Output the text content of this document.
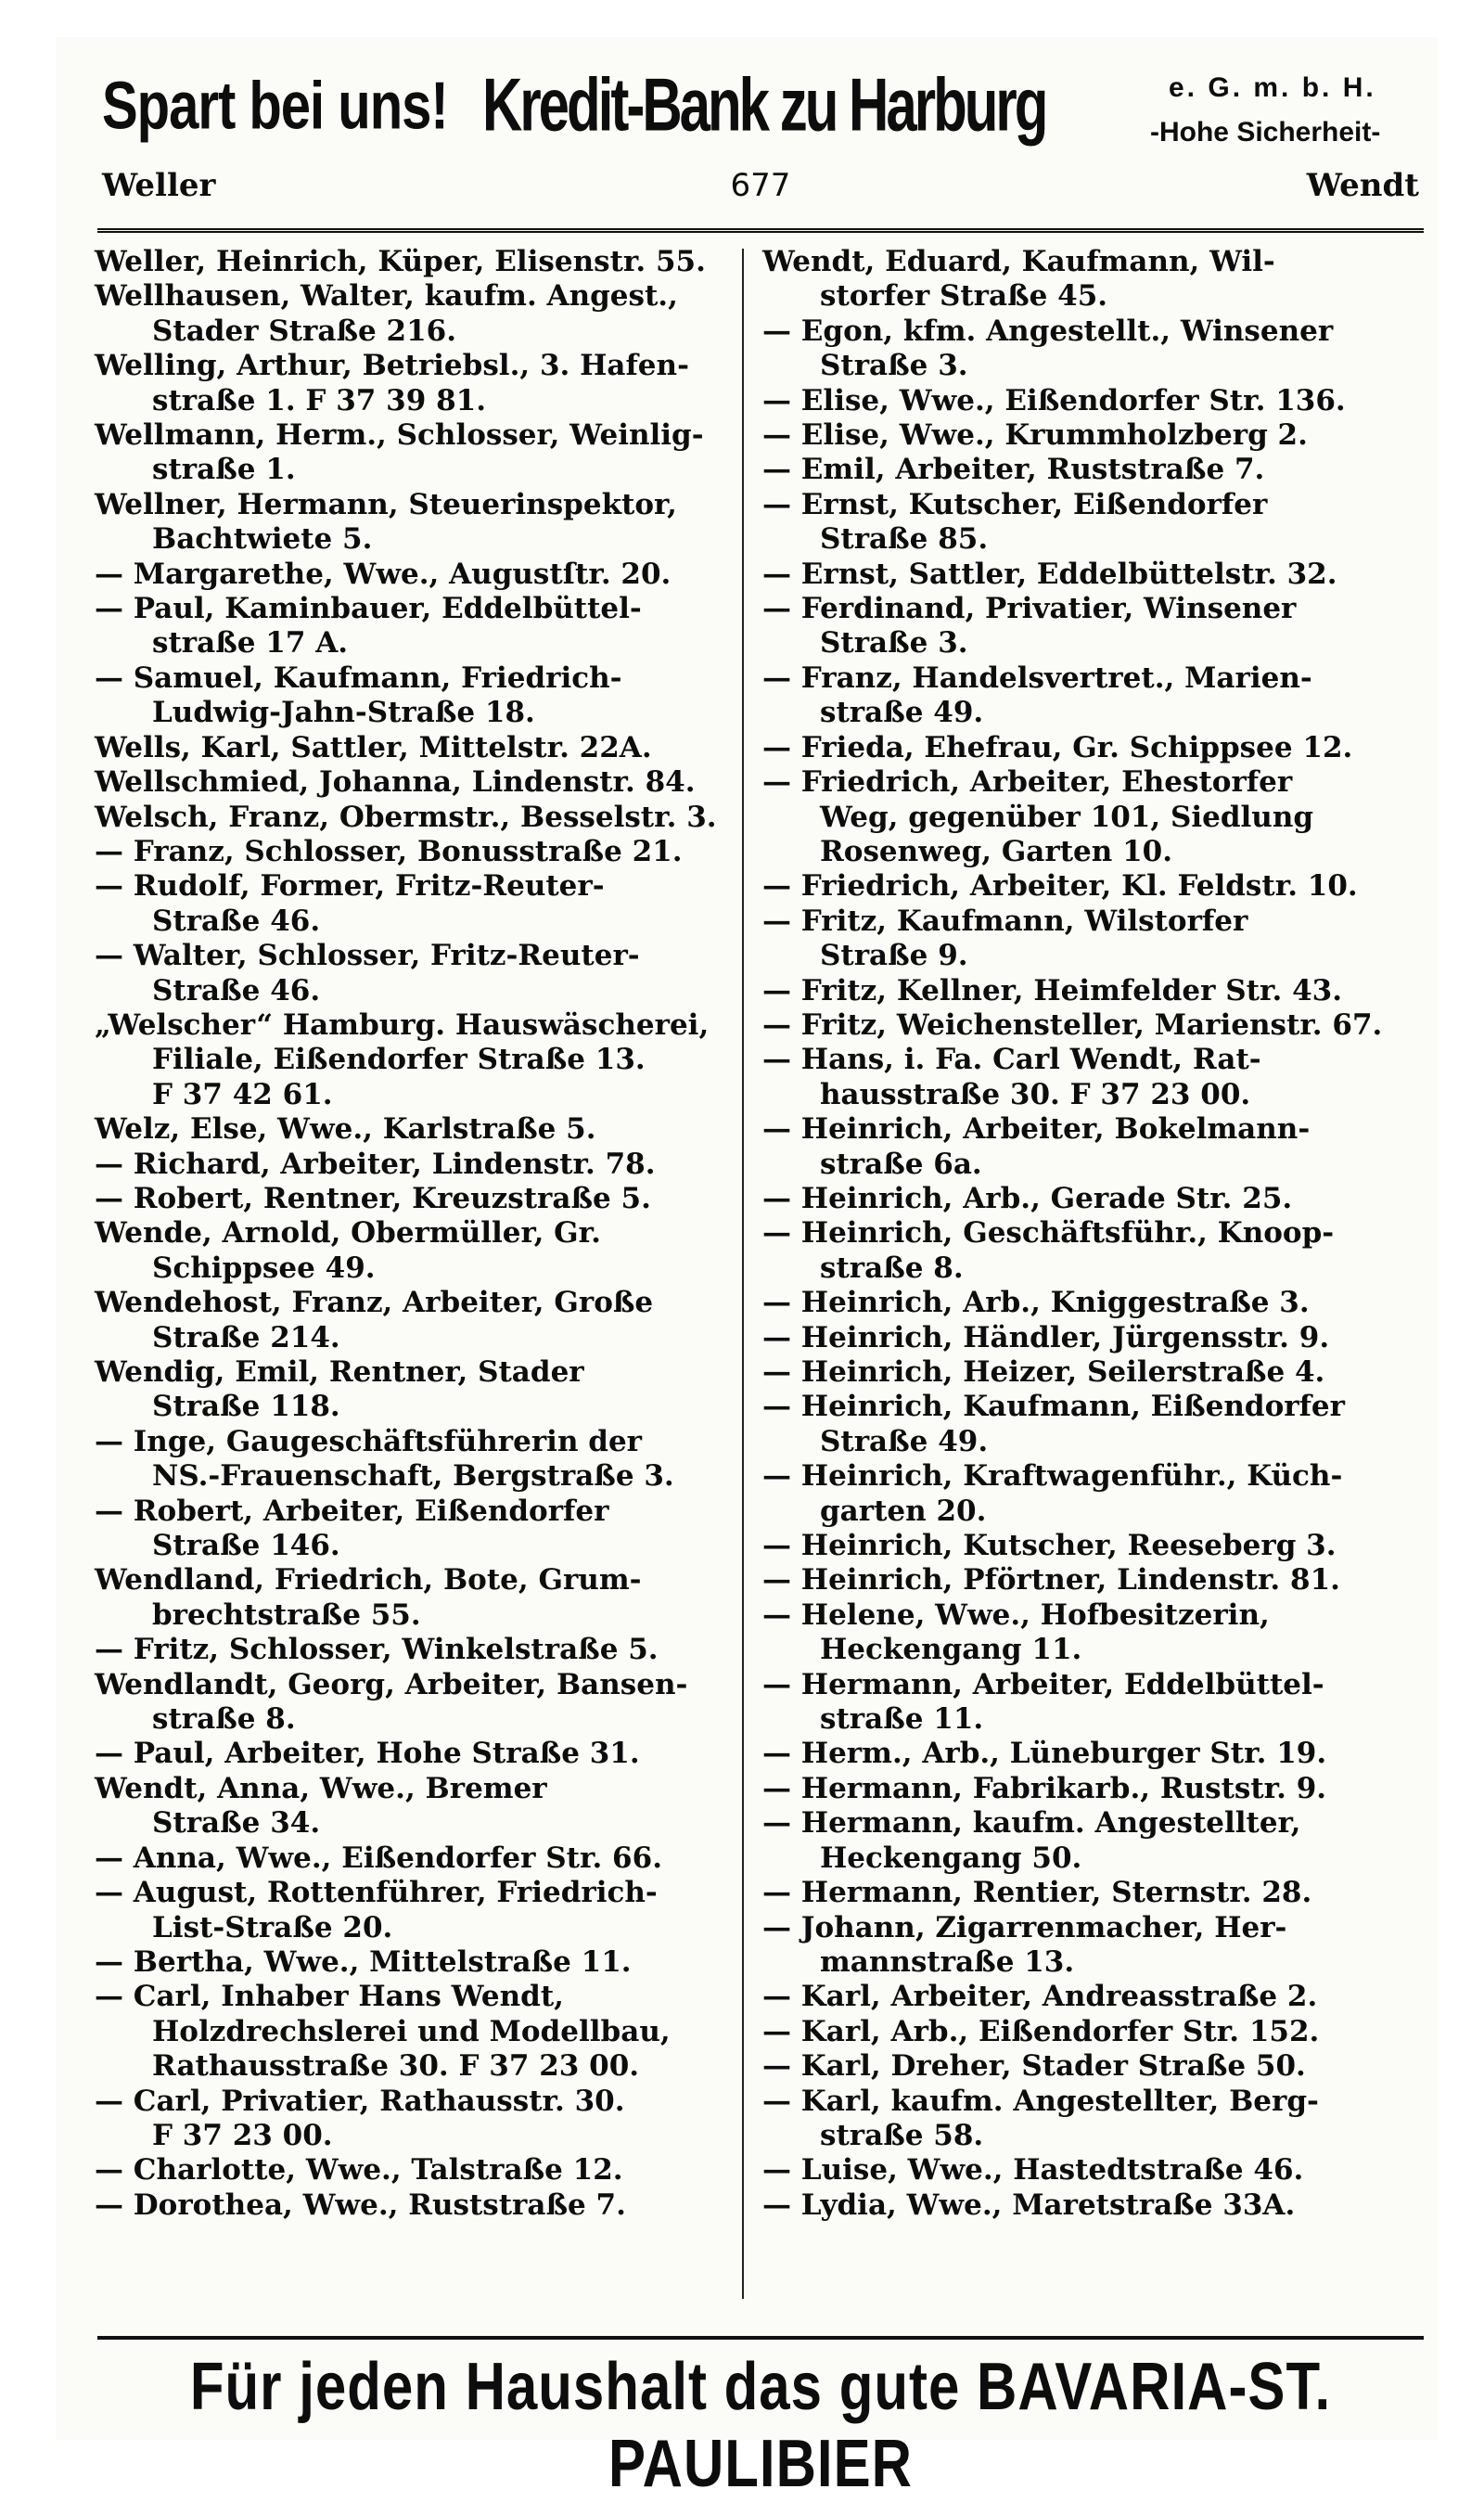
Spart bei uns! Kredit-Bank zu Harburg	e. G. m. b. H.
-Hohe Sicherheit-
677
Weller	Wendt
Weller, Heinrich, Küper, Elisenstr. 55.
Wellhausen, Walter, kaufm. Angest.,
Stader Straße 216.
Welling, Arthur, Betriebsl., 3. Hafen-
straße 1. F 37 39 81.
Wellmann, Herm., Schlosser, Weinlig-
straße 1.
Wellner, Hermann, Steuerinspektor,
Bachtwiete 5.
— Margarethe, Wwe., Augustſtr. 20.
— Paul, Kaminbauer, Eddelbüttel-
straße 17 A.
— Samuel, Kaufmann, Friedrich-
Ludwig-Jahn-Straße 18.
Wells, Karl, Sattler, Mittelstr. 22A.
Wellschmied, Johanna, Lindenstr. 84.
Welsch, Franz, Obermstr., Besselstr. 3.
— Franz, Schlosser, Bonusstraße 21.
— Rudolf, Former, Fritz-Reuter-
Straße 46.
— Walter, Schlosser, Fritz-Reuter-
Straße 46.
„Welscher“ Hamburg. Hauswäscherei,
Filiale, Eißendorfer Straße 13.
F 37 42 61.
Welz, Else, Wwe., Karlstraße 5.
— Richard, Arbeiter, Lindenstr. 78.
— Robert, Rentner, Kreuzstraße 5.
Wende, Arnold, Obermüller, Gr.
Schippsee 49.
Wendehost, Franz, Arbeiter, Große
Straße 214.
Wendig, Emil, Rentner, Stader
Straße 118.
— Inge, Gaugeschäftsführerin der
NS.-Frauenschaft, Bergstraße 3.
— Robert, Arbeiter, Eißendorfer
Straße 146.
Wendland, Friedrich, Bote, Grum-
brechtstraße 55.
— Fritz, Schlosser, Winkelstraße 5.
Wendlandt, Georg, Arbeiter, Bansen-
straße 8.
— Paul, Arbeiter, Hohe Straße 31.
Wendt, Anna, Wwe., Bremer
Straße 34.
— Anna, Wwe., Eißendorfer Str. 66.
— August, Rottenführer, Friedrich-
List-Straße 20.
— Bertha, Wwe., Mittelstraße 11.
— Carl, Inhaber Hans Wendt,
Holzdrechslerei und Modellbau,
Rathausstraße 30. F 37 23 00.
— Carl, Privatier, Rathausstr. 30.
F 37 23 00.
— Charlotte, Wwe., Talstraße 12.
— Dorothea, Wwe., Ruststraße 7.
Wendt, Eduard, Kaufmann, Wil-
storfer Straße 45.
— Egon, kfm. Angestellt., Winsener
Straße 3.
— Elise, Wwe., Eißendorfer Str. 136.
— Elise, Wwe., Krummholzberg 2.
— Emil, Arbeiter, Ruststraße 7.
— Ernst, Kutscher, Eißendorfer
Straße 85.
— Ernst, Sattler, Eddelbüttelstr. 32.
— Ferdinand, Privatier, Winsener
Straße 3.
— Franz, Handelsvertret., Marien-
straße 49.
— Frieda, Ehefrau, Gr. Schippsee 12.
— Friedrich, Arbeiter, Ehestorfer
Weg, gegenüber 101, Siedlung
Rosenweg, Garten 10.
— Friedrich, Arbeiter, Kl. Feldstr. 10.
— Fritz, Kaufmann, Wilstorfer
Straße 9.
— Fritz, Kellner, Heimfelder Str. 43.
— Fritz, Weichensteller, Marienstr. 67.
— Hans, i. Fa. Carl Wendt, Rat-
hausstraße 30. F 37 23 00.
— Heinrich, Arbeiter, Bokelmann-
straße 6a.
— Heinrich, Arb., Gerade Str. 25.
— Heinrich, Geschäftsführ., Knoop-
straße 8.
— Heinrich, Arb., Kniggestraße 3.
— Heinrich, Händler, Jürgensstr. 9.
— Heinrich, Heizer, Seilerstraße 4.
— Heinrich, Kaufmann, Eißendorfer
Straße 49.
— Heinrich, Kraftwagenführ., Küch-
garten 20.
— Heinrich, Kutscher, Reeseberg 3.
— Heinrich, Pförtner, Lindenstr. 81.
— Helene, Wwe., Hofbesitzerin,
Heckengang 11.
— Hermann, Arbeiter, Eddelbüttel-
straße 11.
— Herm., Arb., Lüneburger Str. 19.
— Hermann, Fabrikarb., Ruststr. 9.
— Hermann, kaufm. Angestellter,
Heckengang 50.
— Hermann, Rentier, Sternstr. 28.
— Johann, Zigarrenmacher, Her-
mannstraße 13.
— Karl, Arbeiter, Andreasstraße 2.
— Karl, Arb., Eißendorfer Str. 152.
— Karl, Dreher, Stader Straße 50.
— Karl, kaufm. Angestellter, Berg-
straße 58.
— Luise, Wwe., Hastedtstraße 46.
— Lydia, Wwe., Maretstraße 33A.
Für jeden Haushalt das gute BAVARIA-ST. PAULIBIER
